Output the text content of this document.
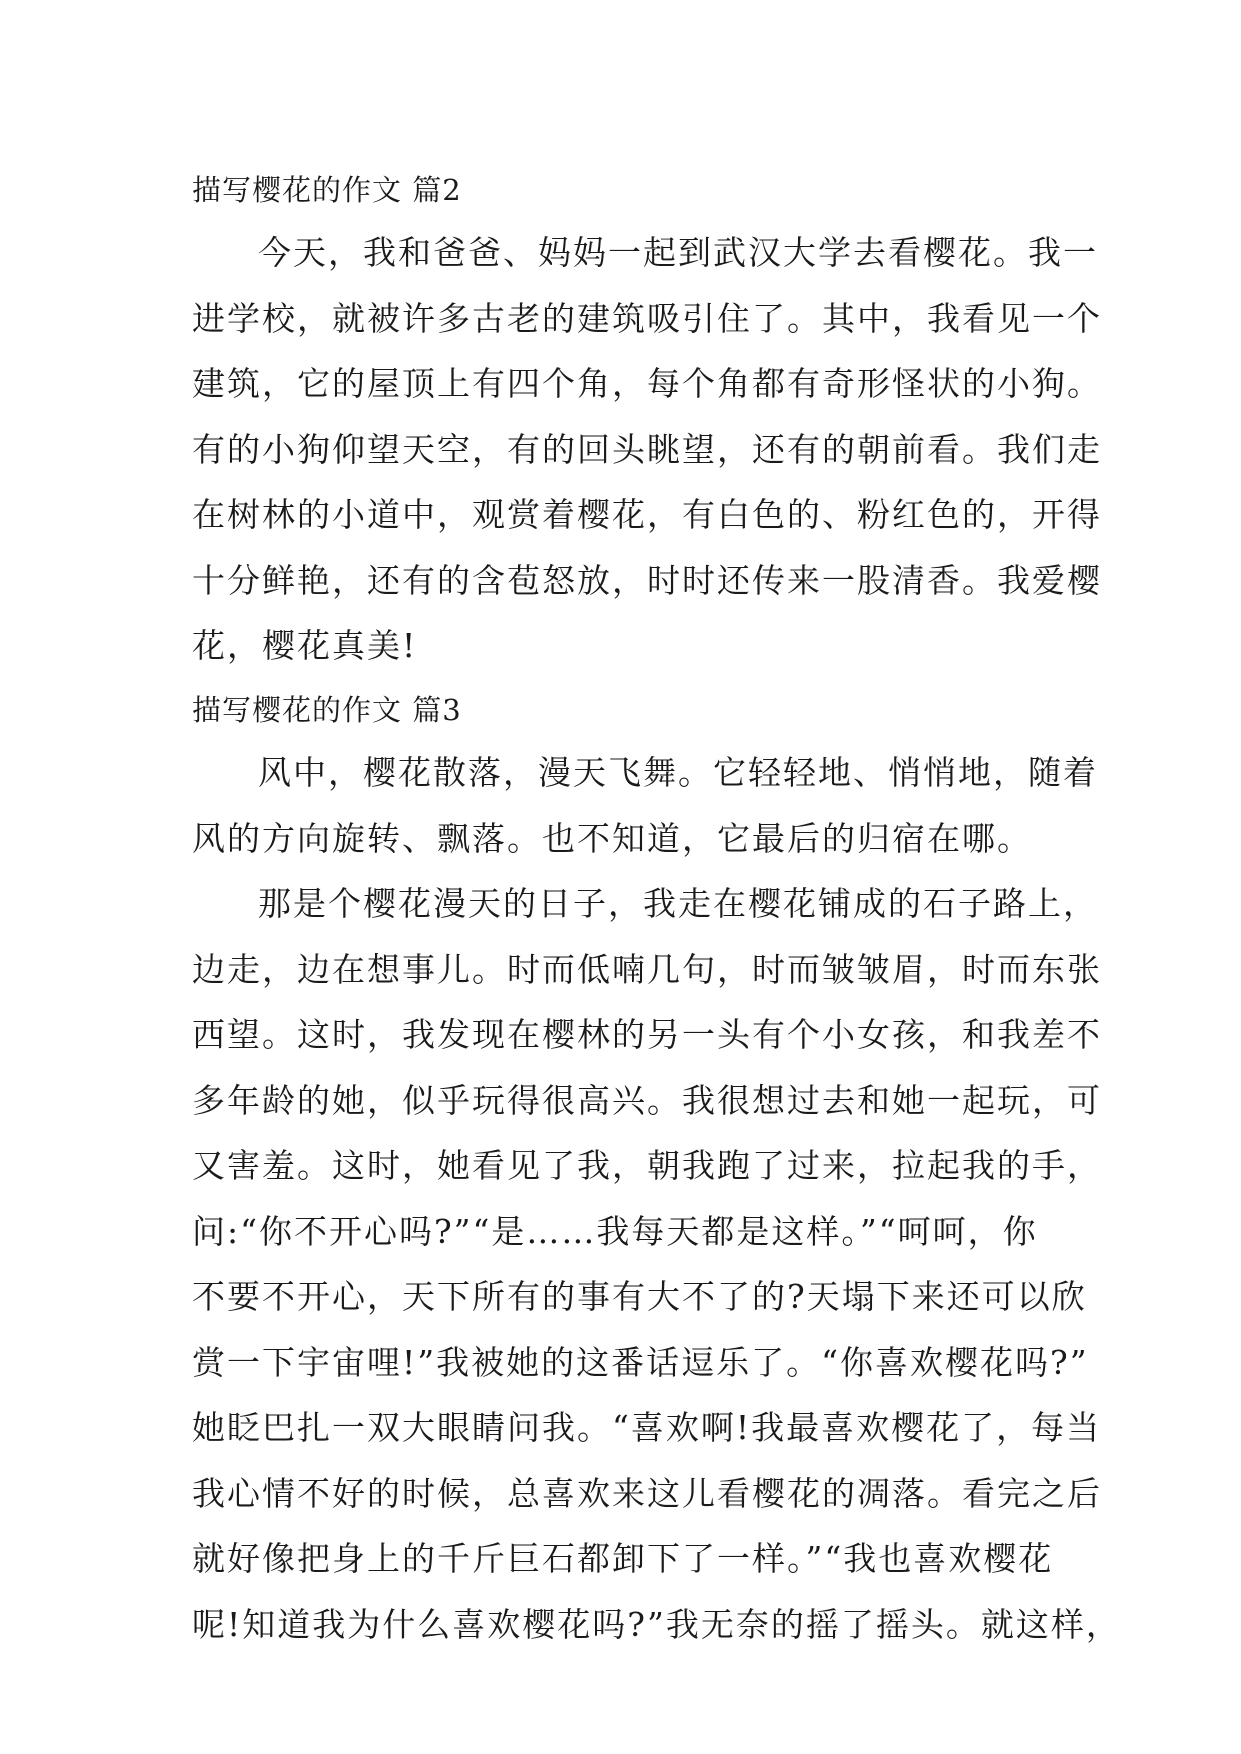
描写樱花的作文 篇2

今天，我和爸爸、妈妈一起到武汉大学去看樱花。我一

进学校，就被许多古老的建筑吸引住了。其中，我看见一个

建筑，它的屋顶上有四个角，每个角都有奇形怪状的小狗。

有的小狗仰望天空，有的回头眺望，还有的朝前看。我们走

在树林的小道中，观赏着樱花，有白色的、粉红色的，开得

十分鲜艳，还有的含苞怒放，时时还传来一股清香。我爱樱

花，樱花真美!

描写樱花的作文 篇3

风中，樱花散落，漫天飞舞。它轻轻地、悄悄地，随着

风的方向旋转、飘落。也不知道，它最后的归宿在哪。

那是个樱花漫天的日子，我走在樱花铺成的石子路上，

边走，边在想事儿。时而低喃几句，时而皱皱眉，时而东张

西望。这时，我发现在樱林的另一头有个小女孩，和我差不

多年龄的她，似乎玩得很高兴。我很想过去和她一起玩，可

又害羞。这时，她看见了我，朝我跑了过来，拉起我的手，

问:“你不开心吗?”“是……我每天都是这样。”“呵呵，你

不要不开心，天下所有的事有大不了的?天塌下来还可以欣

赏一下宇宙哩!”我被她的这番话逗乐了。“你喜欢樱花吗?”

她眨巴扎一双大眼睛问我。“喜欢啊!我最喜欢樱花了，每当

我心情不好的时候，总喜欢来这儿看樱花的凋落。看完之后

就好像把身上的千斤巨石都卸下了一样。”“我也喜欢樱花

呢!知道我为什么喜欢樱花吗?”我无奈的摇了摇头。就这样，
